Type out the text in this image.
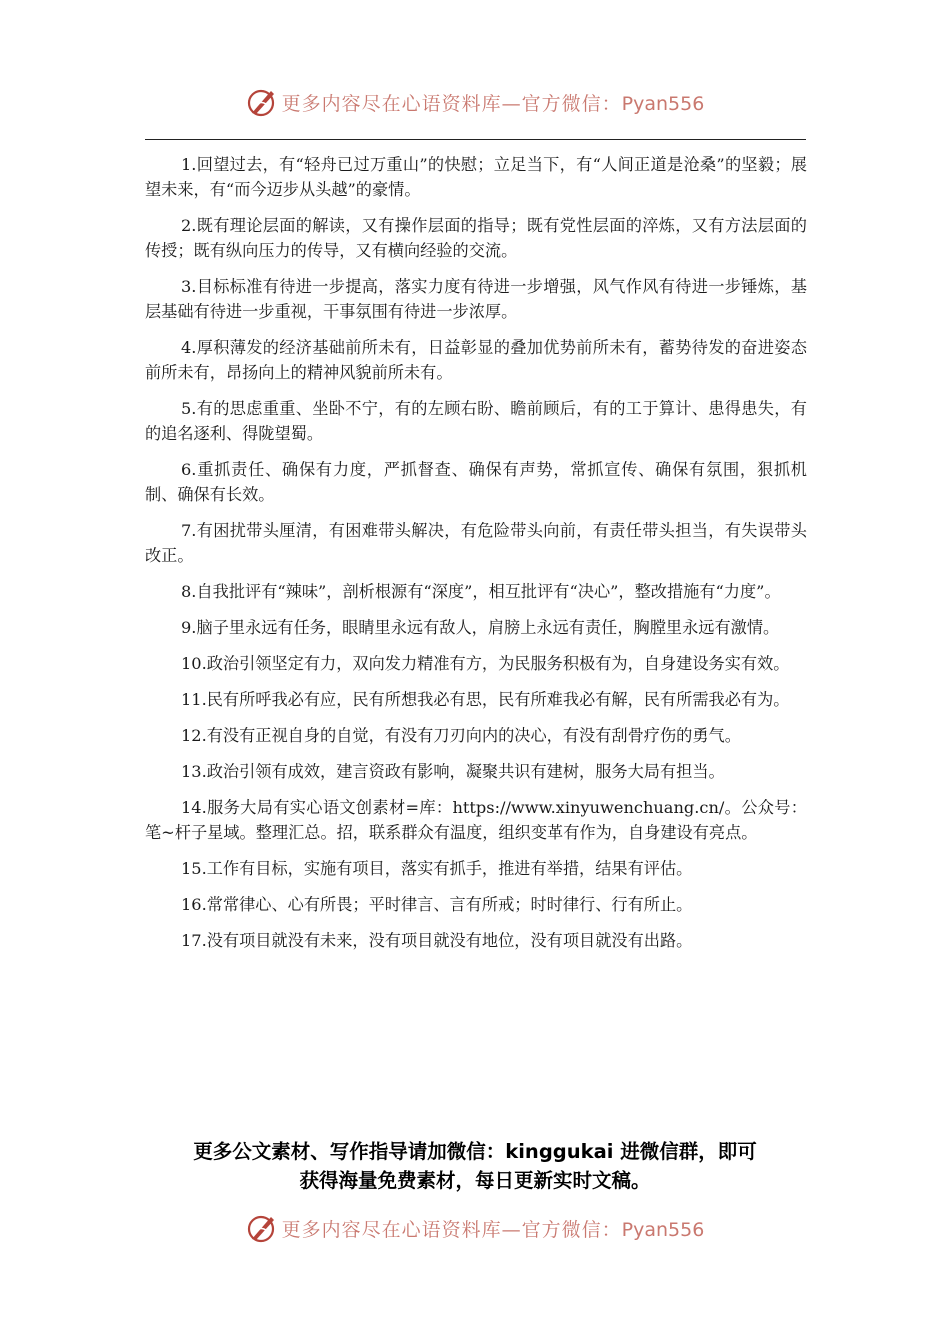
更多内容尽在心语资料库—官方微信：Pyan556

1.回望过去，有“轻舟已过万重山”的快慰；立足当下，有“人间正道是沧桑”的坚毅；展望未来，有“而今迈步从头越”的豪情。

2.既有理论层面的解读，又有操作层面的指导；既有党性层面的淬炼，又有方法层面的传授；既有纵向压力的传导，又有横向经验的交流。

3.目标标准有待进一步提高，落实力度有待进一步增强，风气作风有待进一步锤炼，基层基础有待进一步重视，干事氛围有待进一步浓厚。

4.厚积薄发的经济基础前所未有，日益彰显的叠加优势前所未有，蓄势待发的奋进姿态前所未有，昂扬向上的精神风貌前所未有。

5.有的思虑重重、坐卧不宁，有的左顾右盼、瞻前顾后，有的工于算计、患得患失，有的追名逐利、得陇望蜀。

6.重抓责任、确保有力度，严抓督查、确保有声势，常抓宣传、确保有氛围，狠抓机制、确保有长效。

7.有困扰带头厘清，有困难带头解决，有危险带头向前，有责任带头担当，有失误带头改正。

8.自我批评有“辣味”，剖析根源有“深度”，相互批评有“决心”，整改措施有“力度”。

9.脑子里永远有任务，眼睛里永远有敌人，肩膀上永远有责任，胸膛里永远有激情。

10.政治引领坚定有力，双向发力精准有方，为民服务积极有为，自身建设务实有效。

11.民有所呼我必有应，民有所想我必有思，民有所难我必有解，民有所需我必有为。

12.有没有正视自身的自觉，有没有刀刃向内的决心，有没有刮骨疗伤的勇气。

13.政治引领有成效，建言资政有影响，凝聚共识有建树，服务大局有担当。

14.服务大局有实心语文创素材=库：https://www.xinyuwenchuang.cn/。公众号：笔~杆子星域。整理汇总。招，联系群众有温度，组织变革有作为，自身建设有亮点。

15.工作有目标，实施有项目，落实有抓手，推进有举措，结果有评估。

16.常常律心、心有所畏；平时律言、言有所戒；时时律行、行有所止。

17.没有项目就没有未来，没有项目就没有地位，没有项目就没有出路。

更多公文素材、写作指导请加微信：kinggukai 进微信群，即可
获得海量免费素材，每日更新实时文稿。
更多内容尽在心语资料库—官方微信：Pyan556
